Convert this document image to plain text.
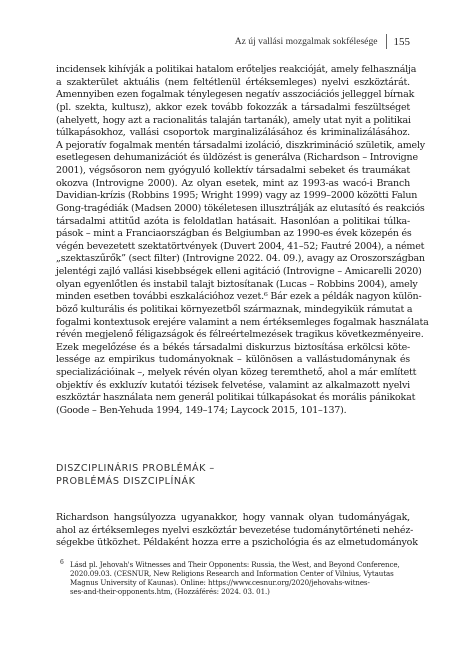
Az új vallási mozgalmak sokfélesége	155
incidensek kihívják a politikai hatalom erőteljes reakcióját, amely felhasználja
a szakterület aktuális (nem feltétlenül értéksemleges) nyelvi eszköztárát.
Amennyiben ezen fogalmak ténylegesen negatív asszociációs jelleggel bírnak
(pl. szekta, kultusz), akkor ezek tovább fokozzák a társadalmi feszültséget
(ahelyett, hogy azt a racionalitás talaján tartanák), amely utat nyit a politikai
túlkapásokhoz, vallási csoportok marginalizálásához és kriminalizálásához.
A pejoratív fogalmak mentén társadalmi izoláció, diszkrimináció születik, amely
esetlegesen dehumanizációt és üldözést is generálva (Richardson – Introvigne
2001), végsősoron nem gyógyuló kollektív társadalmi sebeket és traumákat
okozva (Introvigne 2000). Az olyan esetek, mint az 1993-as wacó-i Branch
Davidian-krízis (Robbins 1995; Wright 1999) vagy az 1999–2000 közötti Falun
Gong-tragédiák (Madsen 2000) tökéletesen illusztrálják az elutasító és reakciós
társadalmi attitűd azóta is feloldatlan hatásait. Hasonlóan a politikai túlka-
pások – mint a Franciaországban és Belgiumban az 1990-es évek közepén és
végén bevezetett szektatörtvények (Duvert 2004, 41–52; Fautré 2004), a német
„szektaszűrők” (sect filter) (Introvigne 2022. 04. 09.), avagy az Oroszországban
jelentégi zajló vallási kisebbségek elleni agitáció (Introvigne – Amicarelli 2020)
olyan egyenlőtlen és instabil talajt biztosítanak (Lucas – Robbins 2004), amely
minden esetben további eszkalációhoz vezet.⁶ Bár ezek a példák nagyon külön-
böző kulturális és politikai környezetből származnak, mindegyikük rámutat a
fogalmi kontextusok erejére valamint a nem értéksemleges fogalmak használata
révén megjelenő féligazságok és félreértelmezések tragikus következményeire.
Ezek megelőzése és a békés társadalmi diskurzus biztosítása erkölcsi köte-
lessége az empirikus tudományoknak – különösen a vallástudománynak és
specializációinak –, melyek révén olyan közeg teremthető, ahol a már említett
objektív és exkluzív kutatói tézisek felvetése, valamint az alkalmazott nyelvi
eszköztár használata nem generál politikai túlkapásokat és morális pánikokat
(Goode – Ben-Yehuda 1994, 149–174; Laycock 2015, 101–137).
DISZCIPLINÁRIS PROBLÉMÁK –
PROBLÉMÁS DISZCIPLÍNÁK
Richardson hangsúlyozza ugyanakkor, hogy vannak olyan tudományágak,
ahol az értéksemleges nyelvi eszköztár bevezetése tudománytörténeti nehéz-
ségekbe ütközhet. Példaként hozza erre a pszichológia és az elmetudományok
6 Lásd pl. Jehovah's Witnesses and Their Opponents: Russia, the West, and Beyond Conference,
2020.09.03. (CESNUR, New Religions Research and Information Center of Vilnius, Vytautas
Magnus University of Kaunas). Online: https://www.cesnur.org/2020/jehovahs-witnes-
ses-and-their-opponents.htm, (Hozzáférés: 2024. 03. 01.)
